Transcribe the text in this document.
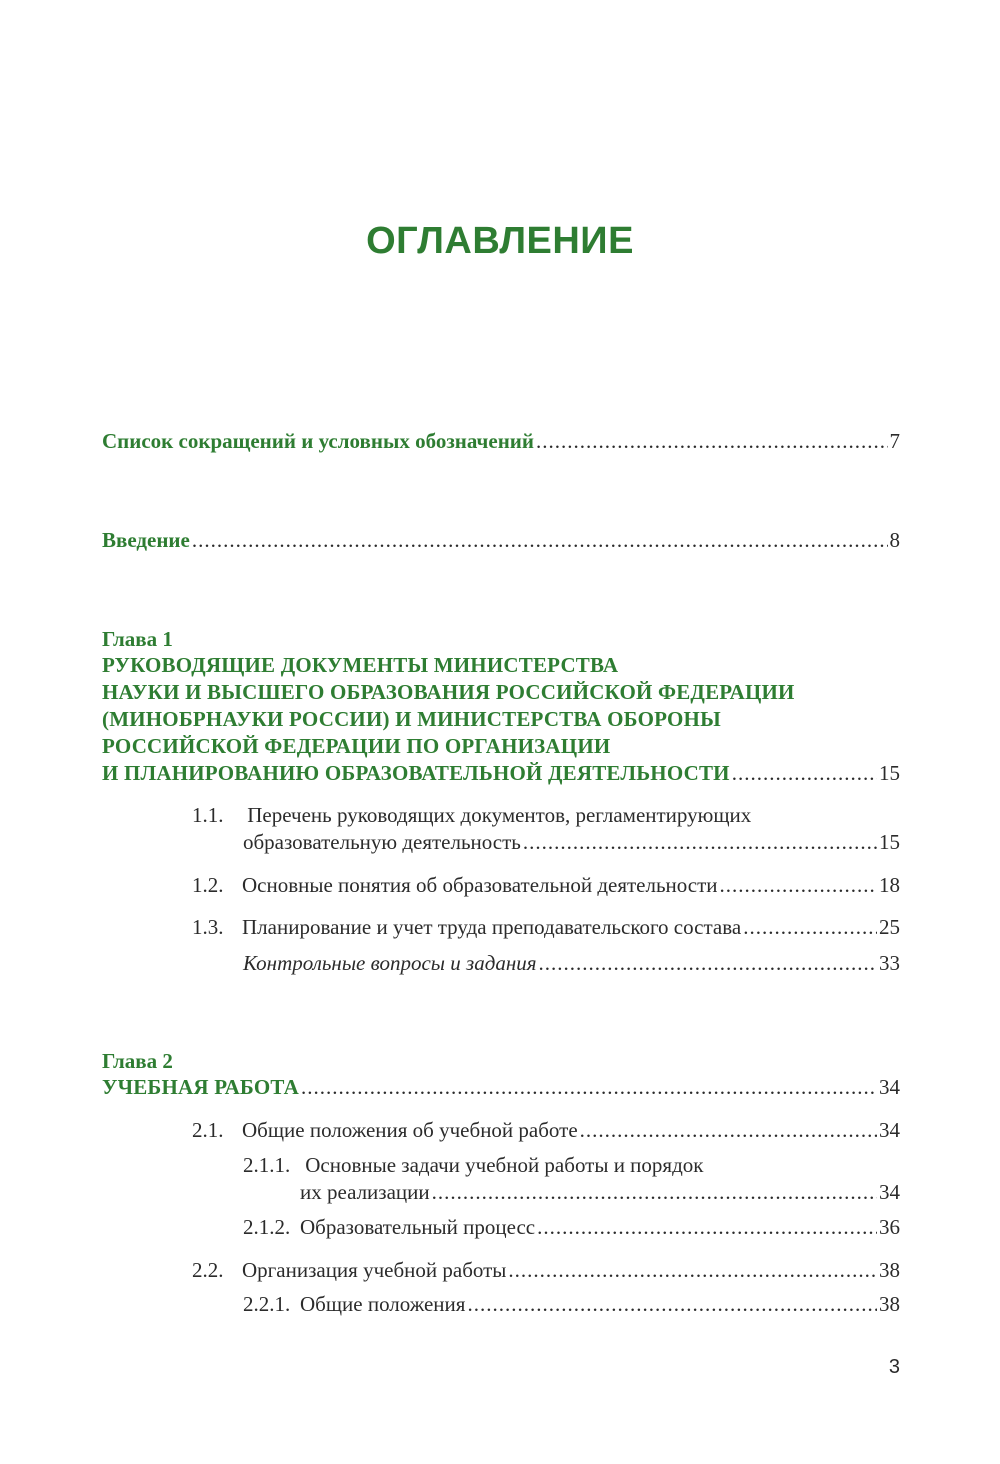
ОГЛАВЛЕНИЕ
Список сокращений и условных обозначений .....	7
Введение .....	8
Глава 1
РУКОВОДЯЩИЕ ДОКУМЕНТЫ МИНИСТЕРСТВА
НАУКИ И ВЫСШЕГО ОБРАЗОВАНИЯ РОССИЙСКОЙ ФЕДЕРАЦИИ
(МИНОБРНАУКИ РОССИИ) И МИНИСТЕРСТВА ОБОРОНЫ
РОССИЙСКОЙ ФЕДЕРАЦИИ ПО ОРГАНИЗАЦИИ
И ПЛАНИРОВАНИЮ ОБРАЗОВАТЕЛЬНОЙ ДЕЯТЕЛЬНОСТИ .....	15
1.1. Перечень руководящих документов, регламентирующих
образовательную деятельность .....	15
1.2. Основные понятия об образовательной деятельности .....	18
1.3. Планирование и учет труда преподавательского состава .....	25
Контрольные вопросы и задания .....	33
Глава 2
УЧЕБНАЯ РАБОТА .....	34
2.1. Общие положения об учебной работе .....	34
2.1.1. Основные задачи учебной работы и порядок
их реализации .....	34
2.1.2. Образовательный процесс .....	36
2.2. Организация учебной работы .....	38
2.2.1. Общие положения .....	38
3
